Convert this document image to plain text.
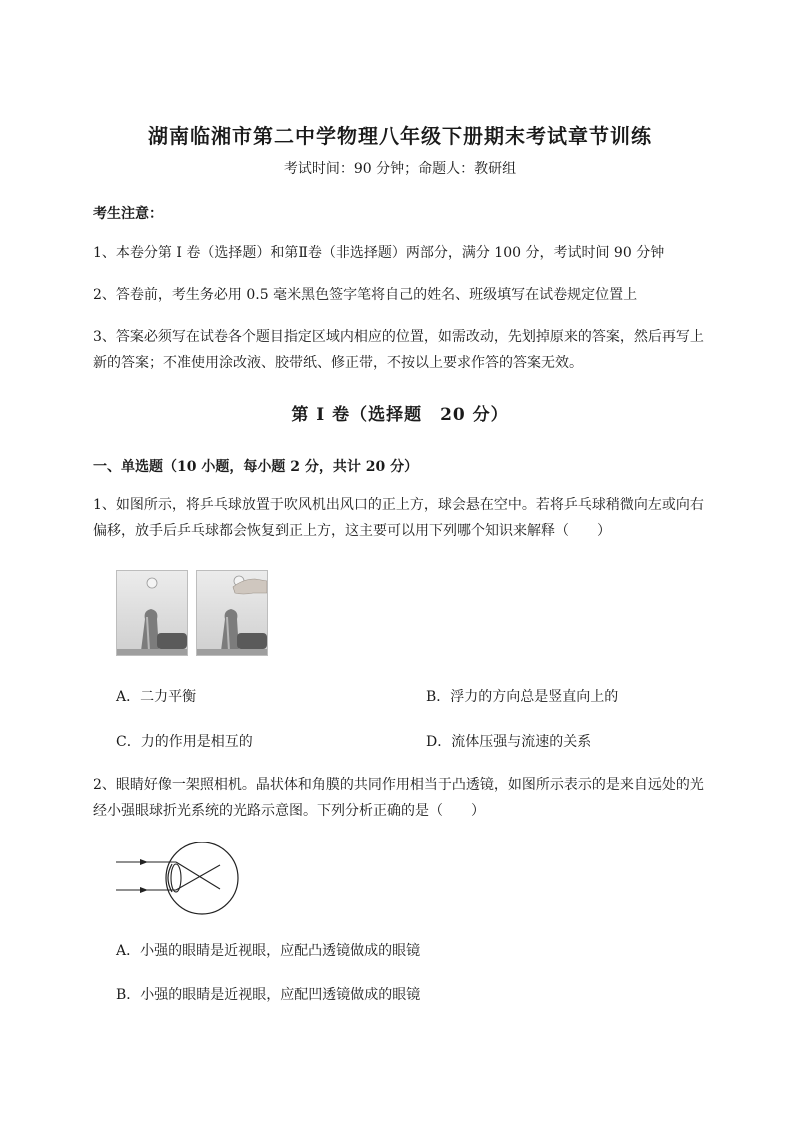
湖南临湘市第二中学物理八年级下册期末考试章节训练
考试时间：90 分钟；命题人：教研组
考生注意：
1、本卷分第 I 卷（选择题）和第Ⅱ卷（非选择题）两部分，满分 100 分，考试时间 90 分钟
2、答卷前，考生务必用 0.5 毫米黑色签字笔将自己的姓名、班级填写在试卷规定位置上
3、答案必须写在试卷各个题目指定区域内相应的位置，如需改动，先划掉原来的答案，然后再写上新的答案；不准使用涂改液、胶带纸、修正带，不按以上要求作答的答案无效。
第 I 卷（选择题　20 分）
一、单选题（10 小题，每小题 2 分，共计 20 分）
1、如图所示，将乒乓球放置于吹风机出风口的正上方，球会悬在空中。若将乒乓球稍微向左或向右偏移，放手后乒乓球都会恢复到正上方，这主要可以用下列哪个知识来解释（　　）
A．二力平衡	B．浮力的方向总是竖直向上的
C．力的作用是相互的	D．流体压强与流速的关系
2、眼睛好像一架照相机。晶状体和角膜的共同作用相当于凸透镜，如图所示表示的是来自远处的光经小强眼球折光系统的光路示意图。下列分析正确的是（　　）
A．小强的眼睛是近视眼，应配凸透镜做成的眼镜
B．小强的眼睛是近视眼，应配凹透镜做成的眼镜
